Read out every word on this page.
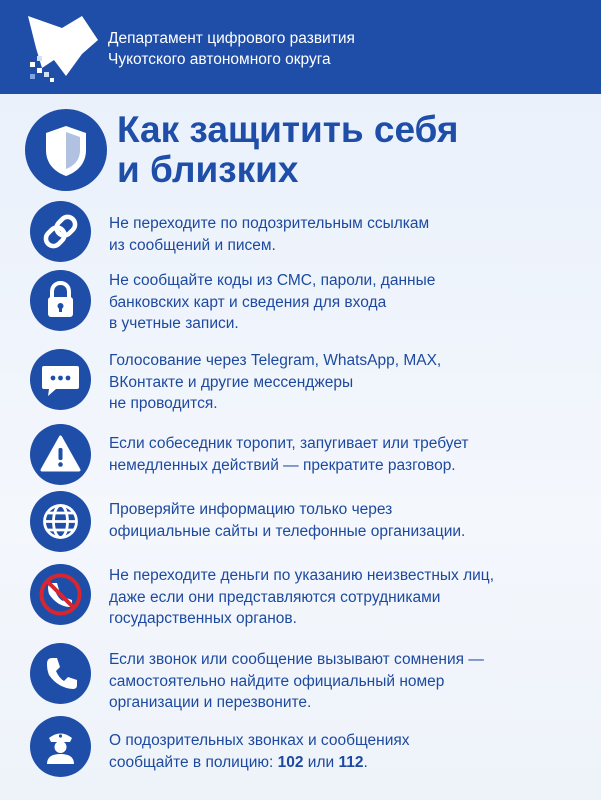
Департамент цифрового развития
Чукотского автономного округа
Как защитить себя
и близких
Не переходите по подозрительным ссылкам
из сообщений и писем.
Не сообщайте коды из СМС, пароли, данные
банковских карт и сведения для входа
в учетные записи.
Голосование через Telegram, WhatsApp, MAX,
ВКонтакте и другие мессенджеры
не проводится.
Если собеседник торопит, запугивает или требует
немедленных действий — прекратите разговор.
Проверяйте информацию только через
официальные сайты и телефонные организации.
Не переходите деньги по указанию неизвестных лиц,
даже если они представляются сотрудниками
государственных органов.
Если звонок или сообщение вызывают сомнения —
самостоятельно найдите официальный номер
организации и перезвоните.
О подозрительных звонках и сообщениях
сообщайте в полицию: 102 или 112.
